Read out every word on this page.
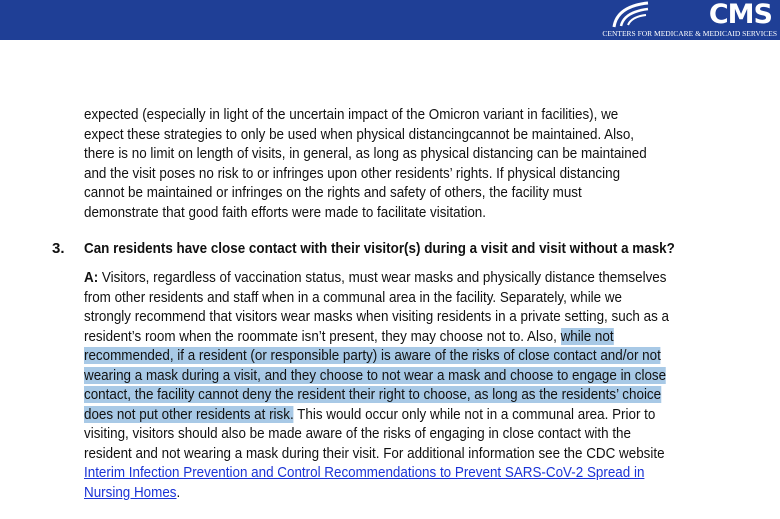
CMS
CENTERS FOR MEDICARE & MEDICAID SERVICES
expected (especially in light of the uncertain impact of the Omicron variant in facilities), we
expect these strategies to only be used when physical distancingcannot be maintained. Also,
there is no limit on length of visits, in general, as long as physical distancing can be maintained
and the visit poses no risk to or infringes upon other residents’ rights. If physical distancing
cannot be maintained or infringes on the rights and safety of others, the facility must
demonstrate that good faith efforts were made to facilitate visitation.
3. Can residents have close contact with their visitor(s) during a visit and visit without a mask?
A: Visitors, regardless of vaccination status, must wear masks and physically distance themselves
from other residents and staff when in a communal area in the facility. Separately, while we
strongly recommend that visitors wear masks when visiting residents in a private setting, such as a
resident’s room when the roommate isn’t present, they may choose not to. Also, while not
recommended, if a resident (or responsible party) is aware of the risks of close contact and/or not
wearing a mask during a visit, and they choose to not wear a mask and choose to engage in close
contact, the facility cannot deny the resident their right to choose, as long as the residents’ choice
does not put other residents at risk. This would occur only while not in a communal area. Prior to
visiting, visitors should also be made aware of the risks of engaging in close contact with the
resident and not wearing a mask during their visit. For additional information see the CDC website
Interim Infection Prevention and Control Recommendations to Prevent SARS-CoV-2 Spread in
Nursing Homes.
